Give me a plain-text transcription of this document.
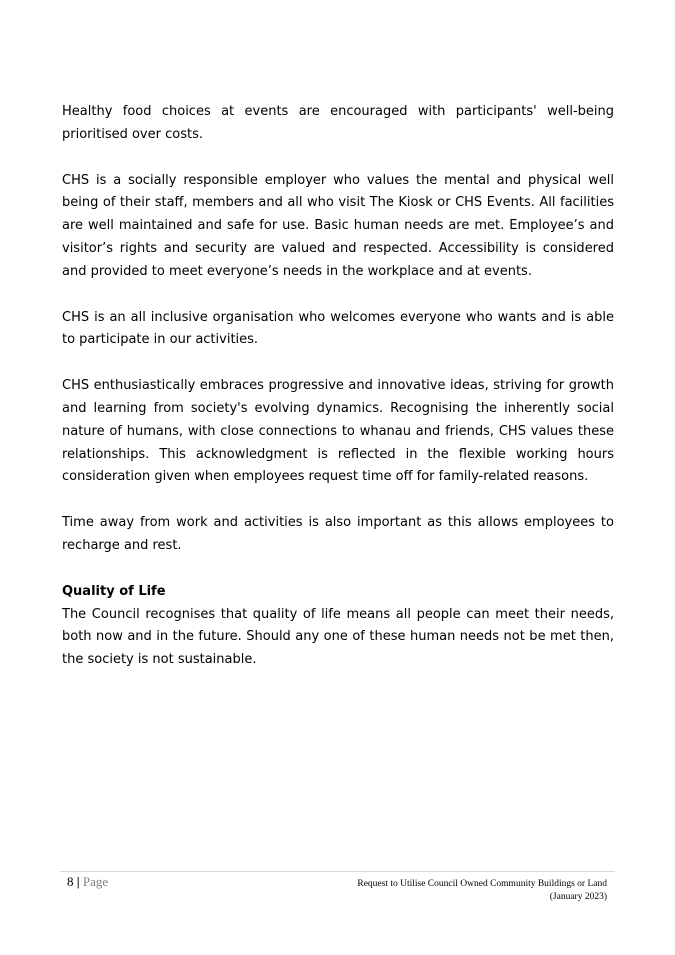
Healthy food choices at events are encouraged with participants' well-being prioritised over costs.

CHS is a socially responsible employer who values the mental and physical well being of their staff, members and all who visit The Kiosk or CHS Events. All facilities are well maintained and safe for use. Basic human needs are met. Employee’s and visitor’s rights and security are valued and respected. Accessibility is considered and provided to meet everyone’s needs in the workplace and at events.

CHS is an all inclusive organisation who welcomes everyone who wants and is able to participate in our activities.

CHS enthusiastically embraces progressive and innovative ideas, striving for growth and learning from society's evolving dynamics. Recognising the inherently social nature of humans, with close connections to whanau and friends, CHS values these relationships. This acknowledgment is reflected in the flexible working hours consideration given when employees request time off for family-related reasons.

Time away from work and activities is also important as this allows employees to recharge and rest.

Quality of Life

The Council recognises that quality of life means all people can meet their needs, both now and in the future. Should any one of these human needs not be met then, the society is not sustainable.

8 | Page	Request to Utilise Council Owned Community Buildings or Land
(January 2023)
